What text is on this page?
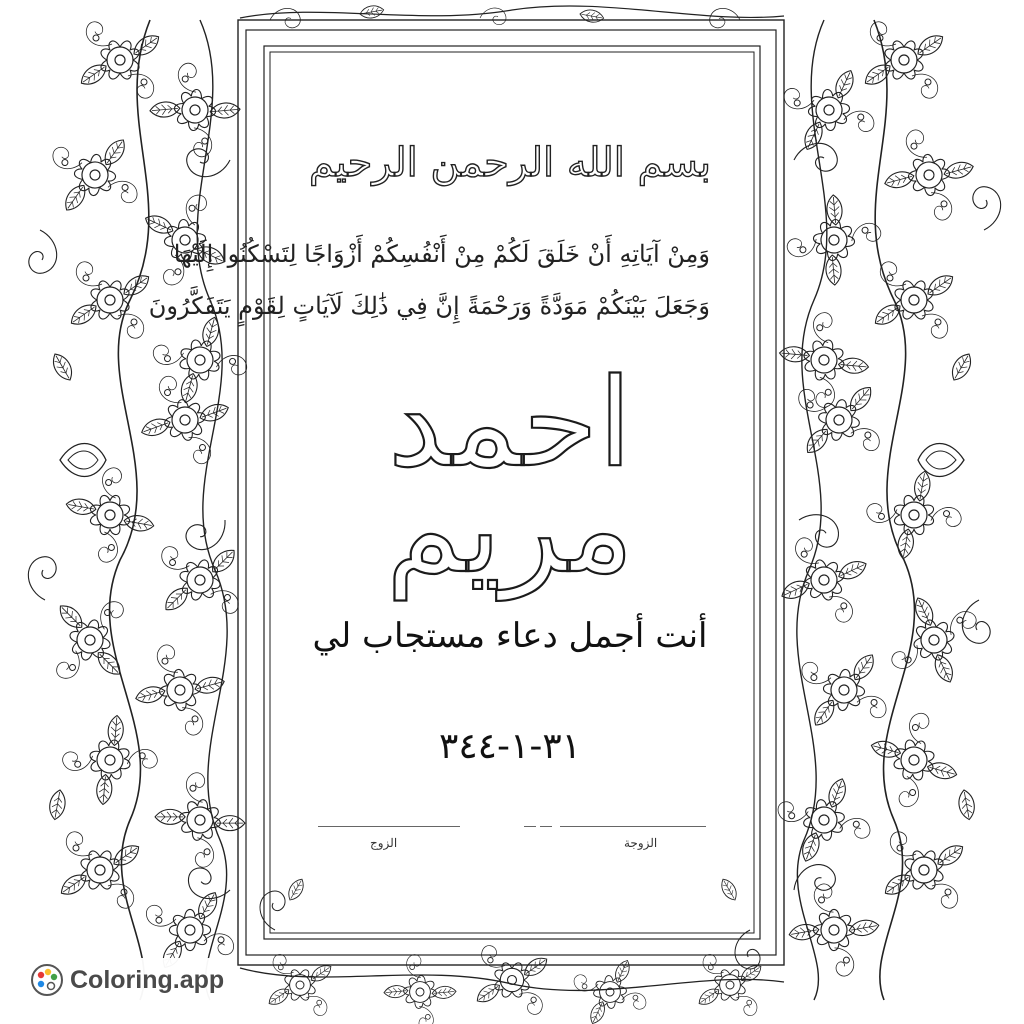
بسم الله الرحمن الرحيم
وَمِنْ آيَاتِهِ أَنْ خَلَقَ لَكُمْ مِنْ أَنْفُسِكُمْ أَزْوَاجًا لِتَسْكُنُوا إِلَيْهَا
وَجَعَلَ بَيْنَكُمْ مَوَدَّةً وَرَحْمَةً إِنَّ فِي ذَٰلِكَ لَآيَاتٍ لِقَوْمٍ يَتَفَكَّرُونَ
احمد
مريم
أنت أجمل دعاء مستجاب لي
٣١-١-٣٤٤
الزوج	الزوجة
Coloring.app
